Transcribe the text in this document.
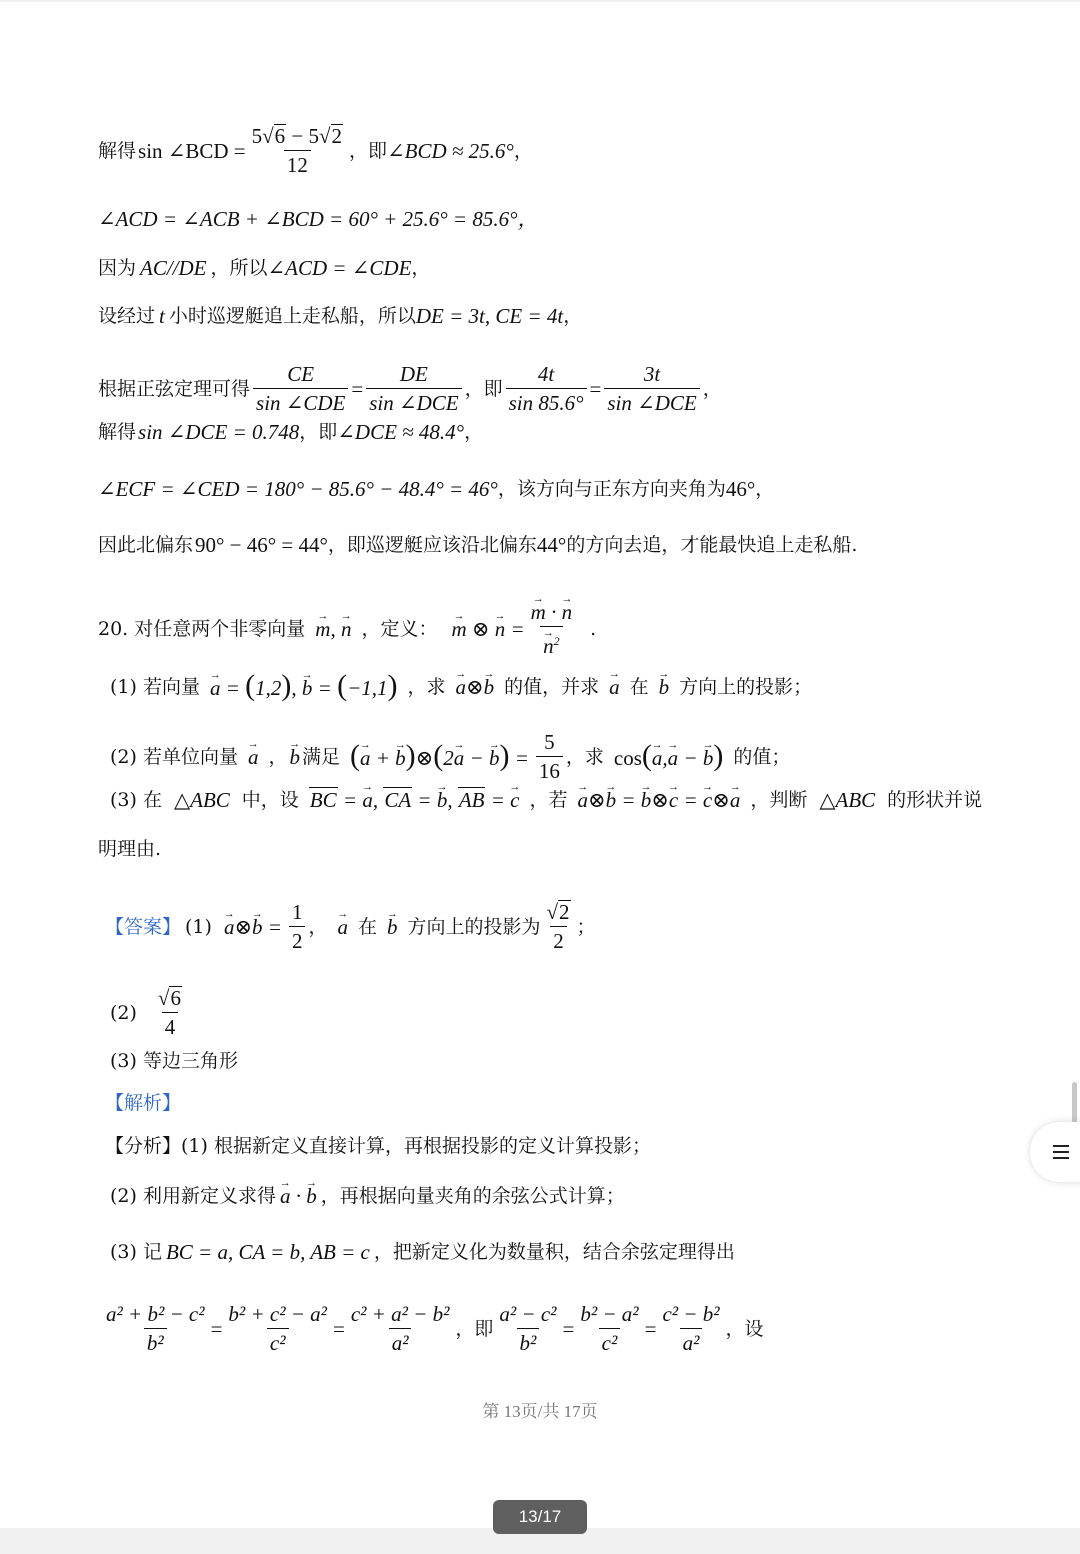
解得 sin ∠BCD = $\frac{5√ 6 - 5√ 2}{12}$ ，即 ∠BCD ≈ 25.6° ，
∠ACD = ∠ACB + ∠BCD = 60° + 25.6° = 85.6°，
因为 AC//DE ，所以 ∠ACD = ∠CDE ，
设经过 t 小时巡逻艇追上走私船，所以 DE = 3t, CE = 4t ，
根据正弦定理可得 $\frac{CE}{\text{sin ∠CDE}} = \frac{DE}{\text{sin ∠DCE}}$ ，即 $\frac{4t}{\sin 85.6^\circ} = \frac{3t}{\text{sin ∠DCE}}$ ，
解得 sin ∠DCE = 0.748 ，即 ∠DCE ≈ 48.4° ，
∠ECF = ∠CED = 180° − 85.6° − 48.4° = 46° ，该方向与正东方向夹角为 46° ，
因此北偏东 90° − 46° = 44° ，即巡逻艇应该沿北偏东 44° 的方向去追，才能最快追上走私船.
20. 对任意两个非零向量 → m, → n ，定义： → m ⊗ → n = → m · → n
→ $n^2$ .
(1) 若向量 → a = (1,2), → b = (−1,1) ，求 → a⊗→ b 的值，并求 → a 在 → b 方向上的投影；
(2) 若单位向量 → a ， → b 满足 (→ a + → b)⊗(2→ a − → $b) = \frac{5}{16}$ ，求 cos(→ a,→ a − → b) 的值；
(3) 在 △ABC 中，设 BC = → a, CA = → b, AB = → c ，若 → a⊗→ b = → b⊗→ c = → c⊗→ a ，判断 △ABC 的形状并说
明理由.
【答案】 (1) → a⊗→ $b = \frac{1}{2}$ ， → a 在 → b 方向上的投影为 $\frac{√ 2}{2}$ ；
$(2) \frac{√ 6}{4}$
(3) 等边三角形
【解析】
【分析】(1) 根据新定义直接计算，再根据投影的定义计算投影；
(2) 利用新定义求得 → a · → b ，再根据向量夹角的余弦公式计算；
(3) 记 BC = a, CA = b, AB = c ，把新定义化为数量积，结合余弦定理得出
$\frac{\text{a² + b² − c²}}{\text{b²}} = \frac{\text{b² + c² − a²}}{\text{c²}} = \frac{\text{c² + a² − b²}}{\text{a²}}$ ，即 $\frac{\text{a² − c²}}{\text{b²}} = \frac{\text{b² − a²}}{\text{c²}} = \frac{\text{c² − b²}}{\text{a²}}$ ，设
第 13页/共 17页
13/17
